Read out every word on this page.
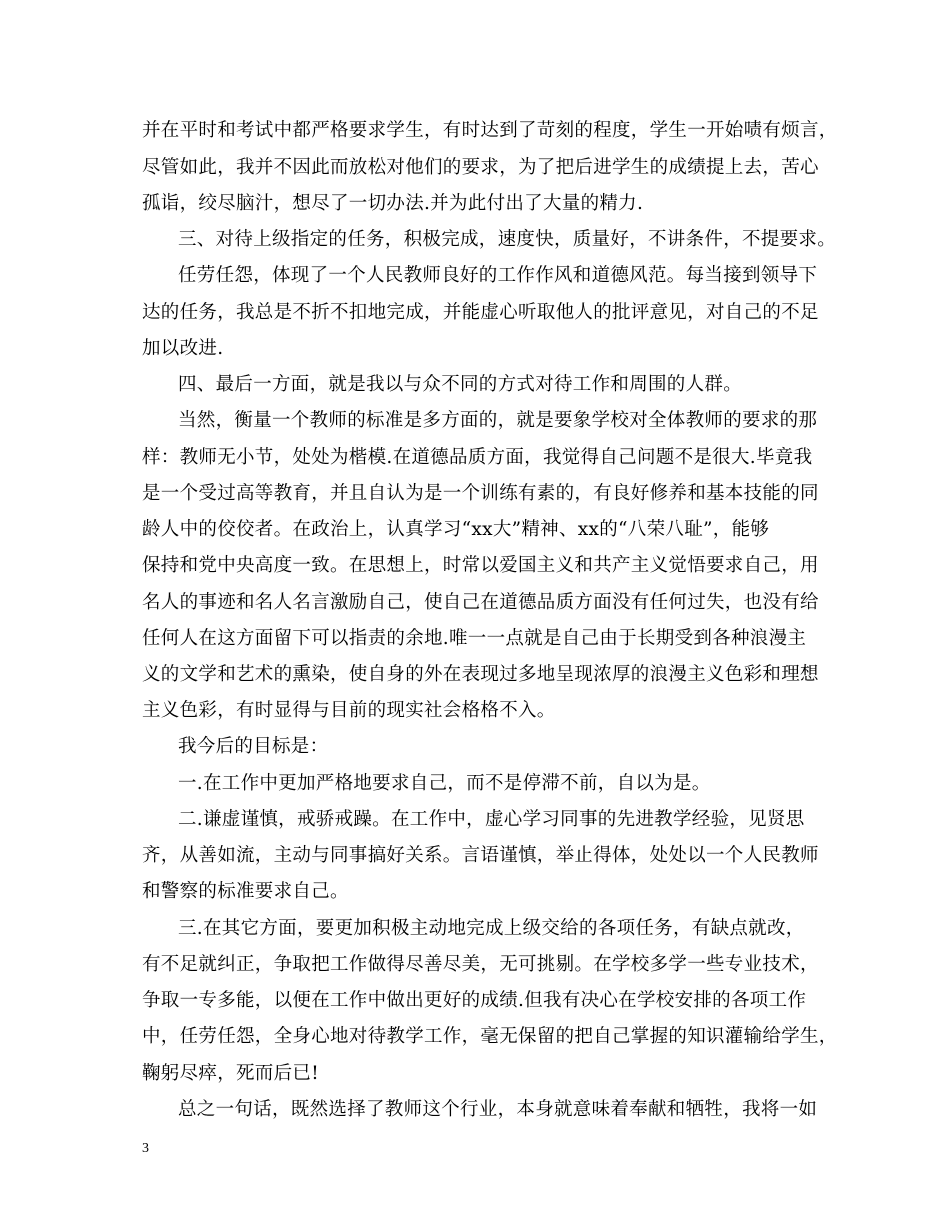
并在平时和考试中都严格要求学生，有时达到了苛刻的程度，学生一开始啧有烦言，
尽管如此，我并不因此而放松对他们的要求，为了把后进学生的成绩提上去，苦心
孤诣，绞尽脑汁，想尽了一切办法.并为此付出了大量的精力.
三、对待上级指定的任务，积极完成，速度快，质量好，不讲条件，不提要求。
任劳任怨，体现了一个人民教师良好的工作作风和道德风范。每当接到领导下
达的任务，我总是不折不扣地完成，并能虚心听取他人的批评意见，对自己的不足
加以改进.
四、最后一方面，就是我以与众不同的方式对待工作和周围的人群。
当然，衡量一个教师的标准是多方面的，就是要象学校对全体教师的要求的那
样：教师无小节，处处为楷模.在道德品质方面，我觉得自己问题不是很大.毕竟我
是一个受过高等教育，并且自认为是一个训练有素的，有良好修养和基本技能的同
龄人中的佼佼者。在政治上，认真学习“xx大”精神、xx的“八荣八耻”，能够
保持和党中央高度一致。在思想上，时常以爱国主义和共产主义觉悟要求自己，用
名人的事迹和名人名言激励自己，使自己在道德品质方面没有任何过失，也没有给
任何人在这方面留下可以指责的余地.唯一一点就是自己由于长期受到各种浪漫主
义的文学和艺术的熏染，使自身的外在表现过多地呈现浓厚的浪漫主义色彩和理想
主义色彩，有时显得与目前的现实社会格格不入。
我今后的目标是：
一.在工作中更加严格地要求自己，而不是停滞不前，自以为是。
二.谦虚谨慎，戒骄戒躁。在工作中，虚心学习同事的先进教学经验，见贤思
齐，从善如流，主动与同事搞好关系。言语谨慎，举止得体，处处以一个人民教师
和警察的标准要求自己。
三.在其它方面，要更加积极主动地完成上级交给的各项任务，有缺点就改，
有不足就纠正，争取把工作做得尽善尽美，无可挑剔。在学校多学一些专业技术，
争取一专多能，以便在工作中做出更好的成绩.但我有决心在学校安排的各项工作
中，任劳任怨，全身心地对待教学工作，毫无保留的把自己掌握的知识灌输给学生，
鞠躬尽瘁，死而后已!
总之一句话，既然选择了教师这个行业，本身就意味着奉献和牺牲，我将一如
3
